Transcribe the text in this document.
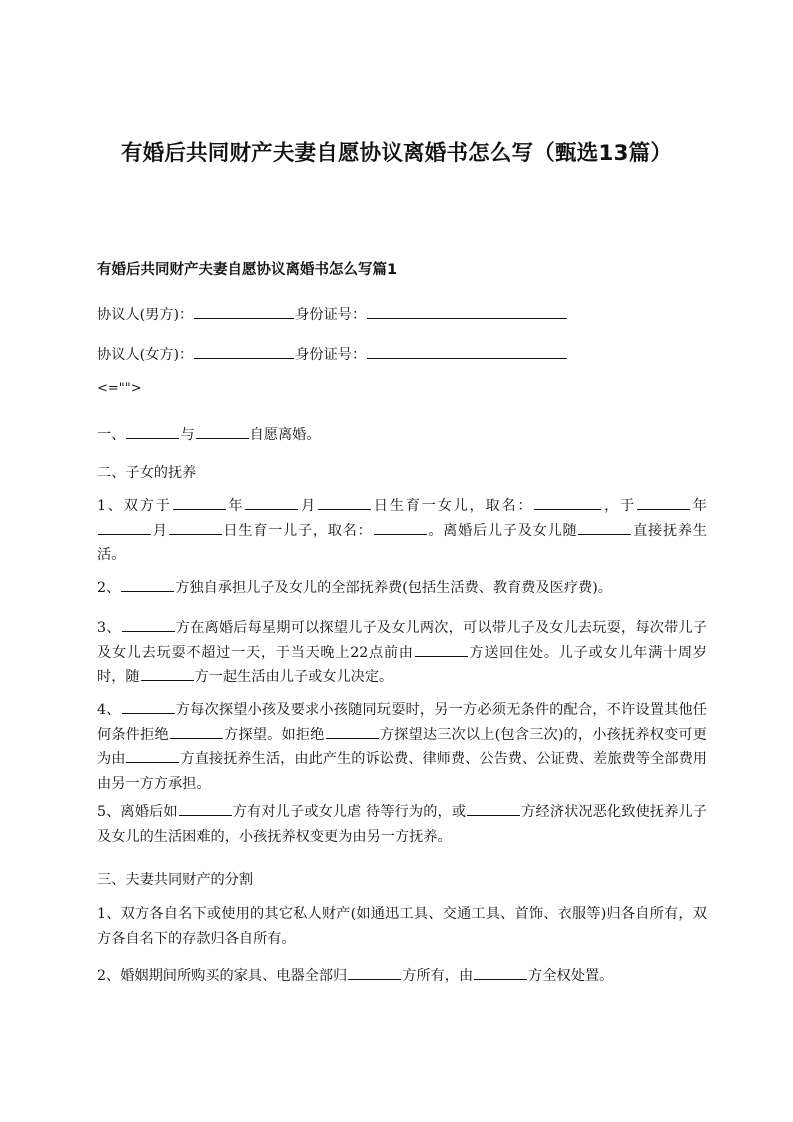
有婚后共同财产夫妻自愿协议离婚书怎么写（甄选13篇）
有婚后共同财产夫妻自愿协议离婚书怎么写篇1
协议人(男方)：	身份证号：
协议人(女方)：	身份证号：
<="">
一、	与	自愿离婚。
二、子女的抚养
1、双方于	年	月	日生育一女儿，取名：	，于	年月	日生育一儿子，取名：	。离婚后儿子及女儿随	直接抚养生活。
2、	方独自承担儿子及女儿的全部抚养费(包括生活费、教育费及医疗费)。
3、	方在离婚后每星期可以探望儿子及女儿两次，可以带儿子及女儿去玩耍，每次带儿子及女儿去玩耍不超过一天，于当天晚上22点前由	方送回住处。儿子或女儿年满十周岁时，随	方一起生活由儿子或女儿决定。
4、	方每次探望小孩及要求小孩随同玩耍时，另一方必须无条件的配合，不许设置其他任何条件拒绝	方探望。如拒绝	方探望达三次以上(包含三次)的，小孩抚养权变可更为由	方直接抚养生活，由此产生的诉讼费、律师费、公告费、公证费、差旅费等全部费用由另一方方承担。
5、离婚后如	方有对儿子或女儿虐 待等行为的，或	方经济状况恶化致使抚养儿子及女儿的生活困难的，小孩抚养权变更为由另一方抚养。
三、夫妻共同财产的分割
1、双方各自名下或使用的其它私人财产(如通迅工具、交通工具、首饰、衣服等)归各自所有，双方各自名下的存款归各自所有。
2、婚姻期间所购买的家具、电器全部归	方所有，由	方全权处置。
